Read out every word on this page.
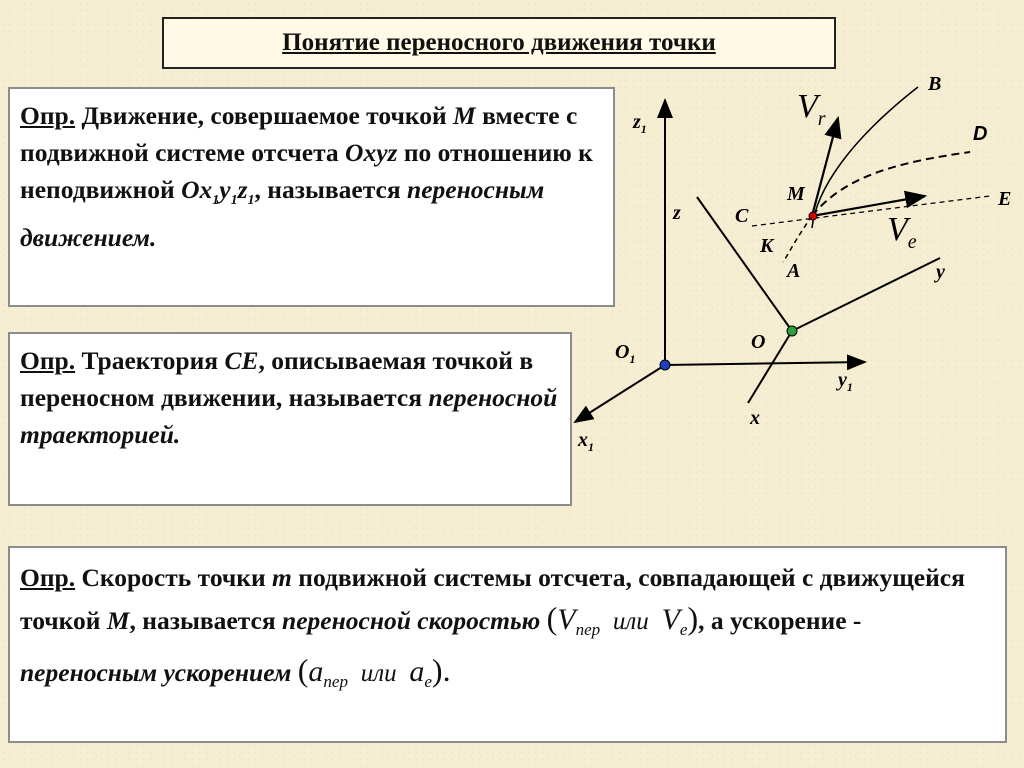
Понятие переносного движения точки
Опр. Движение, совершаемое точкой M вместе с подвижной системе отсчета Oxyz по отношению к неподвижной $Ox_1y_1z_1$, называется переносным движением.
Опр. Траектория CE, описываемая точкой в переносном движении, называется переносной траекторией.
Опр. Скорость точки m подвижной системы отсчета, совпадающей с движущейся точкой M, называется переносной скоростью ($V_{пер}$ или $V_e$), а ускорение - переносным ускорением ($a_{пер}$ или $a_e$).
$z_1$
$x_1$
$y_1$
$O_1$
z
y
x
O
B
D
E
C
M
K
A
$V_r$
$V_e$
